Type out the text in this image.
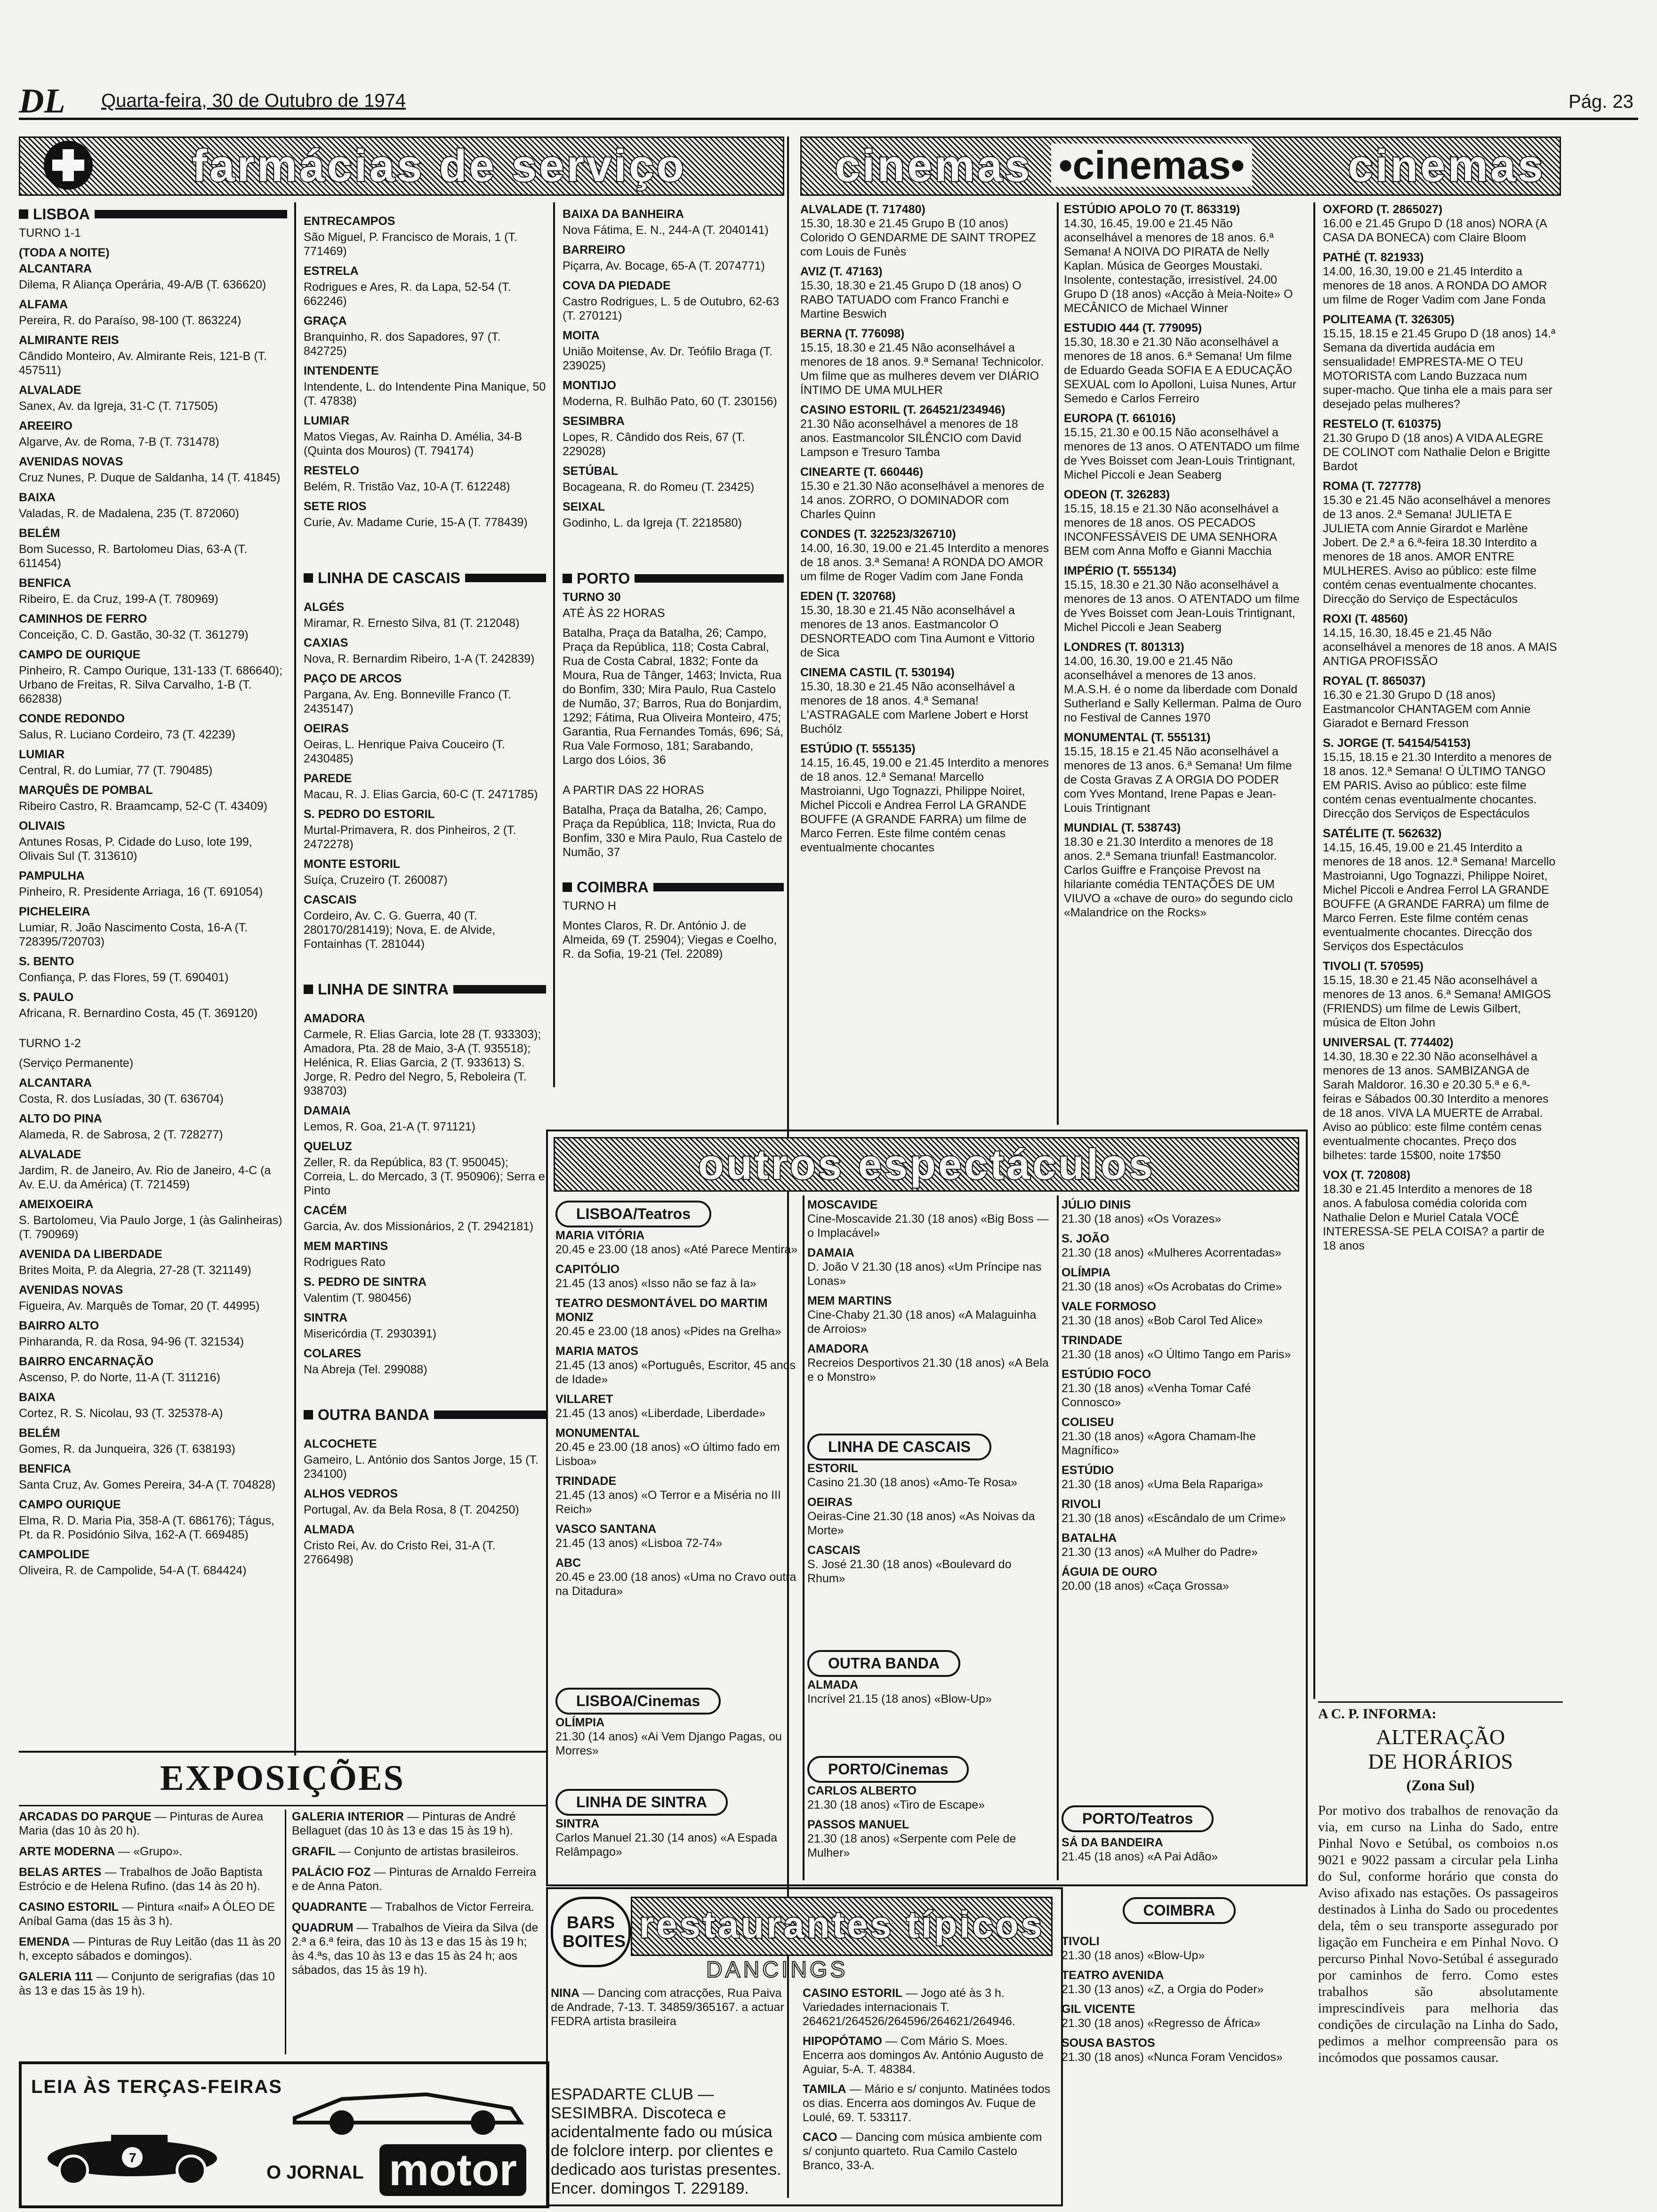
DL Quarta-feira, 30 de Outubro de 1974	Pág. 23
farmácias de serviço
LISBOA

TURNO 1-1

(TODA A NOITE)

ALCANTARA

Dilema, R Aliança Operária, 49-A/B (T. 636620)

ALFAMA

Pereira, R. do Paraíso, 98-100 (T. 863224)

ALMIRANTE REIS

Cândido Monteiro, Av. Almirante Reis, 121-B (T. 457511)

ALVALADE

Sanex, Av. da Igreja, 31-C (T. 717505)

AREEIRO

Algarve, Av. de Roma, 7-B (T. 731478)

AVENIDAS NOVAS

Cruz Nunes, P. Duque de Saldanha, 14 (T. 41845)

BAIXA

Valadas, R. de Madalena, 235 (T. 872060)

BELÉM

Bom Sucesso, R. Bartolomeu Dias, 63-A (T. 611454)

BENFICA

Ribeiro, E. da Cruz, 199-A (T. 780969)

CAMINHOS DE FERRO

Conceição, C. D. Gastão, 30-32 (T. 361279)

CAMPO DE OURIQUE

Pinheiro, R. Campo Ourique, 131-133 (T. 686640); Urbano de Freitas, R. Silva Carvalho, 1-B (T. 662838)

CONDE REDONDO

Salus, R. Luciano Cordeiro, 73 (T. 42239)

LUMIAR

Central, R. do Lumiar, 77 (T. 790485)

MARQUÊS DE POMBAL

Ribeiro Castro, R. Braamcamp, 52-C (T. 43409)

OLIVAIS

Antunes Rosas, P. Cidade do Luso, lote 199, Olivais Sul (T. 313610)

PAMPULHA

Pinheiro, R. Presidente Arriaga, 16 (T. 691054)

PICHELEIRA

Lumiar, R. João Nascimento Costa, 16-A (T. 728395/720703)

S. BENTO

Confiança, P. das Flores, 59 (T. 690401)

S. PAULO

Africana, R. Bernardino Costa, 45 (T. 369120)

TURNO 1-2

(Serviço Permanente)

ALCANTARA

Costa, R. dos Lusíadas, 30 (T. 636704)

ALTO DO PINA

Alameda, R. de Sabrosa, 2 (T. 728277)

ALVALADE

Jardim, R. de Janeiro, Av. Rio de Janeiro, 4-C (a Av. E.U. da América) (T. 721459)

AMEIXOEIRA

S. Bartolomeu, Via Paulo Jorge, 1 (às Galinheiras) (T. 790969)

AVENIDA DA LIBERDADE

Brites Moita, P. da Alegria, 27-28 (T. 321149)

AVENIDAS NOVAS

Figueira, Av. Marquês de Tomar, 20 (T. 44995)

BAIRRO ALTO

Pinharanda, R. da Rosa, 94-96 (T. 321534)

BAIRRO ENCARNAÇÃO

Ascenso, P. do Norte, 11-A (T. 311216)

BAIXA

Cortez, R. S. Nicolau, 93 (T. 325378-A)

BELÉM

Gomes, R. da Junqueira, 326 (T. 638193)

BENFICA

Santa Cruz, Av. Gomes Pereira, 34-A (T. 704828)

CAMPO OURIQUE

Elma, R. D. Maria Pia, 358-A (T. 686176); Tágus, Pt. da R. Posidónio Silva, 162-A (T. 669485)

CAMPOLIDE

Oliveira, R. de Campolide, 54-A (T. 684424)

ENTRECAMPOS

São Miguel, P. Francisco de Morais, 1 (T. 771469)

ESTRELA

Rodrigues e Ares, R. da Lapa, 52-54 (T. 662246)

GRAÇA

Branquinho, R. dos Sapadores, 97 (T. 842725)

INTENDENTE

Intendente, L. do Intendente Pina Manique, 50 (T. 47838)

LUMIAR

Matos Viegas, Av. Rainha D. Amélia, 34-B (Quinta dos Mouros) (T. 794174)

RESTELO

Belém, R. Tristão Vaz, 10-A (T. 612248)

SETE RIOS

Curie, Av. Madame Curie, 15-A (T. 778439)

LINHA DE CASCAIS

ALGÉS

Miramar, R. Ernesto Silva, 81 (T. 212048)

CAXIAS

Nova, R. Bernardim Ribeiro, 1-A (T. 242839)

PAÇO DE ARCOS

Pargana, Av. Eng. Bonneville Franco (T. 2435147)

OEIRAS

Oeiras, L. Henrique Paiva Couceiro (T. 2430485)

PAREDE

Macau, R. J. Elias Garcia, 60-C (T. 2471785)

S. PEDRO DO ESTORIL

Murtal-Primavera, R. dos Pinheiros, 2 (T. 2472278)

MONTE ESTORIL

Suíça, Cruzeiro (T. 260087)

CASCAIS

Cordeiro, Av. C. G. Guerra, 40 (T. 280170/281419); Nova, E. de Alvide, Fontainhas (T. 281044)

LINHA DE SINTRA

AMADORA

Carmele, R. Elias Garcia, lote 28 (T. 933303); Amadora, Pta. 28 de Maio, 3-A (T. 935518); Helénica, R. Elias Garcia, 2 (T. 933613) S. Jorge, R. Pedro del Negro, 5, Reboleira (T. 938703)

DAMAIA

Lemos, R. Goa, 21-A (T. 971121)

QUELUZ

Zeller, R. da República, 83 (T. 950045); Correia, L. do Mercado, 3 (T. 950906); Serra e Pinto

CACÉM

Garcia, Av. dos Missionários, 2 (T. 2942181)

MEM MARTINS

Rodrigues Rato

S. PEDRO DE SINTRA

Valentim (T. 980456)

SINTRA

Misericórdia (T. 2930391)

COLARES

Na Abreja (Tel. 299088)

OUTRA BANDA

ALCOCHETE

Gameiro, L. António dos Santos Jorge, 15 (T. 234100)

ALHOS VEDROS

Portugal, Av. da Bela Rosa, 8 (T. 204250)

ALMADA

Cristo Rei, Av. do Cristo Rei, 31-A (T. 2766498)

BAIXA DA BANHEIRA

Nova Fátima, E. N., 244-A (T. 2040141)

BARREIRO

Piçarra, Av. Bocage, 65-A (T. 2074771)

COVA DA PIEDADE

Castro Rodrigues, L. 5 de Outubro, 62-63 (T. 270121)

MOITA

União Moitense, Av. Dr. Teófilo Braga (T. 239025)

MONTIJO

Moderna, R. Bulhão Pato, 60 (T. 230156)

SESIMBRA

Lopes, R. Cândido dos Reis, 67 (T. 229028)

SETÚBAL

Bocageana, R. do Romeu (T. 23425)

SEIXAL

Godinho, L. da Igreja (T. 2218580)

PORTO

TURNO 30

ATÉ ÀS 22 HORAS

Batalha, Praça da Batalha, 26; Campo, Praça da República, 118; Costa Cabral, Rua de Costa Cabral, 1832; Fonte da Moura, Rua de Tânger, 1463; Invicta, Rua do Bonfim, 330; Mira Paulo, Rua Castelo de Numão, 37; Barros, Rua do Bonjardim, 1292; Fátima, Rua Oliveira Monteiro, 475; Garantia, Rua Fernandes Tomás, 696; Sá, Rua Vale Formoso, 181; Sarabando, Largo dos Lóios, 36

A PARTIR DAS 22 HORAS

Batalha, Praça da Batalha, 26; Campo, Praça da República, 118; Invicta, Rua do Bonfim, 330 e Mira Paulo, Rua Castelo de Numão, 37

COIMBRA

TURNO H

Montes Claros, R. Dr. António J. de Almeida, 69 (T. 25904); Viegas e Coelho, R. da Sofia, 19-21 (Tel. 22089)

cinemas •cinemas• cinemas

ALVALADE (T. 717480)

15.30, 18.30 e 21.45 Grupo B (10 anos) Colorido O GENDARME DE SAINT TROPEZ com Louis de Funès

AVIZ (T. 47163)

15.30, 18.30 e 21.45 Grupo D (18 anos) O RABO TATUADO com Franco Franchi e Martine Beswich

BERNA (T. 776098)

15.15, 18.30 e 21.45 Não aconselhável a menores de 18 anos. 9.ª Semana! Technicolor. Um filme que as mulheres devem ver DIÁRIO ÍNTIMO DE UMA MULHER

CASINO ESTORIL (T. 264521/234946)

21.30 Não aconselhável a menores de 18 anos. Eastmancolor SILÊNCIO com David Lampson e Tresuro Tamba

CINEARTE (T. 660446)

15.30 e 21.30 Não aconselhável a menores de 14 anos. ZORRO, O DOMINADOR com Charles Quinn

CONDES (T. 322523/326710)

14.00, 16.30, 19.00 e 21.45 Interdito a menores de 18 anos. 3.ª Semana! A RONDA DO AMOR um filme de Roger Vadim com Jane Fonda

EDEN (T. 320768)

15.30, 18.30 e 21.45 Não aconselhável a menores de 13 anos. Eastmancolor O DESNORTEADO com Tina Aumont e Vittorio de Sica

CINEMA CASTIL (T. 530194)

15.30, 18.30 e 21.45 Não aconselhável a menores de 18 anos. 4.ª Semana! L'ASTRAGALE com Marlene Jobert e Horst Buchólz

ESTÚDIO (T. 555135)

14.15, 16.45, 19.00 e 21.45 Interdito a menores de 18 anos. 12.ª Semana! Marcello Mastroianni, Ugo Tognazzi, Philippe Noiret, Michel Piccoli e Andrea Ferrol LA GRANDE BOUFFE (A GRANDE FARRA) um filme de Marco Ferren. Este filme contém cenas eventualmente chocantes

ESTÚDIO APOLO 70 (T. 863319)

14.30, 16.45, 19.00 e 21.45 Não aconselhável a menores de 18 anos. 6.ª Semana! A NOIVA DO PIRATA de Nelly Kaplan. Música de Georges Moustaki. Insolente, contestação, irresistível. 24.00 Grupo D (18 anos) «Acção à Meia-Noite» O MECÂNICO de Michael Winner

ESTUDIO 444 (T. 779095)

15.30, 18.30 e 21.30 Não aconselhável a menores de 18 anos. 6.ª Semana! Um filme de Eduardo Geada SOFIA E A EDUCAÇÃO SEXUAL com Io Apolloni, Luisa Nunes, Artur Semedo e Carlos Ferreiro

EUROPA (T. 661016)

15.15, 21.30 e 00.15 Não aconselhável a menores de 13 anos. O ATENTADO um filme de Yves Boisset com Jean-Louis Trintignant, Michel Piccoli e Jean Seaberg

ODEON (T. 326283)

15.15, 18.15 e 21.30 Não aconselhável a menores de 18 anos. OS PECADOS INCONFESSÁVEIS DE UMA SENHORA BEM com Anna Moffo e Gianni Macchia

IMPÉRIO (T. 555134)

15.15, 18.30 e 21.30 Não aconselhável a menores de 13 anos. O ATENTADO um filme de Yves Boisset com Jean-Louis Trintignant, Michel Piccoli e Jean Seaberg

LONDRES (T. 801313)

14.00, 16.30, 19.00 e 21.45 Não aconselhável a menores de 13 anos. M.A.S.H. é o nome da liberdade com Donald Sutherland e Sally Kellerman. Palma de Ouro no Festival de Cannes 1970

MONUMENTAL (T. 555131)

15.15, 18.15 e 21.45 Não aconselhável a menores de 13 anos. 6.ª Semana! Um filme de Costa Gravas Z A ORGIA DO PODER com Yves Montand, Irene Papas e Jean-Louis Trintignant

MUNDIAL (T. 538743)

18.30 e 21.30 Interdito a menores de 18 anos. 2.ª Semana triunfal! Eastmancolor. Carlos Guiffre e Françoise Prevost na hilariante comédia TENTAÇÕES DE UM VIUVO a «chave de ouro» do segundo ciclo «Malandrice on the Rocks»

OXFORD (T. 2865027)

16.00 e 21.45 Grupo D (18 anos) NORA (A CASA DA BONECA) com Claire Bloom

PATHÉ (T. 821933)

14.00, 16.30, 19.00 e 21.45 Interdito a menores de 18 anos. A RONDA DO AMOR um filme de Roger Vadim com Jane Fonda

POLITEAMA (T. 326305)

15.15, 18.15 e 21.45 Grupo D (18 anos) 14.ª Semana da divertida audácia em sensualidade! EMPRESTA-ME O TEU MOTORISTA com Lando Buzzaca num super-macho. Que tinha ele a mais para ser desejado pelas mulheres?

RESTELO (T. 610375)

21.30 Grupo D (18 anos) A VIDA ALEGRE DE COLINOT com Nathalie Delon e Brigitte Bardot

ROMA (T. 727778)

15.30 e 21.45 Não aconselhável a menores de 13 anos. 2.ª Semana! JULIETA E JULIETA com Annie Girardot e Marlène Jobert. De 2.ª a 6.ª-feira 18.30 Interdito a menores de 18 anos. AMOR ENTRE MULHERES. Aviso ao público: este filme contém cenas eventualmente chocantes. Direcção do Serviço de Espectáculos

ROXI (T. 48560)

14.15, 16.30, 18.45 e 21.45 Não aconselhável a menores de 18 anos. A MAIS ANTIGA PROFISSÃO

ROYAL (T. 865037)

16.30 e 21.30 Grupo D (18 anos) Eastmancolor CHANTAGEM com Annie Giaradot e Bernard Fresson

S. JORGE (T. 54154/54153)

15.15, 18.15 e 21.30 Interdito a menores de 18 anos. 12.ª Semana! O ÚLTIMO TANGO EM PARIS. Aviso ao público: este filme contém cenas eventualmente chocantes. Direcção dos Serviços de Espectáculos

SATÉLITE (T. 562632)

14.15, 16.45, 19.00 e 21.45 Interdito a menores de 18 anos. 12.ª Semana! Marcello Mastroianni, Ugo Tognazzi, Philippe Noiret, Michel Piccoli e Andrea Ferrol LA GRANDE BOUFFE (A GRANDE FARRA) um filme de Marco Ferren. Este filme contém cenas eventualmente chocantes. Direcção dos Serviços dos Espectáculos

TIVOLI (T. 570595)

15.15, 18.30 e 21.45 Não aconselhável a menores de 13 anos. 6.ª Semana! AMIGOS (FRIENDS) um filme de Lewis Gilbert, música de Elton John

UNIVERSAL (T. 774402)

14.30, 18.30 e 22.30 Não aconselhável a menores de 13 anos. SAMBIZANGA de Sarah Maldoror. 16.30 e 20.30 5.ª e 6.ª-feiras e Sábados 00.30 Interdito a menores de 18 anos. VIVA LA MUERTE de Arrabal. Aviso ao público: este filme contém cenas eventualmente chocantes. Preço dos bilhetes: tarde 15$00, noite 17$50

VOX (T. 720808)

18.30 e 21.45 Interdito a menores de 18 anos. A fabulosa comédia colorida com Nathalie Delon e Muriel Catala VOCÊ INTERESSA-SE PELA COISA? a partir de 18 anos

outros espectáculos
LISBOA/Teatros

MARIA VITÓRIA

20.45 e 23.00 (18 anos) «Até Parece Mentira»

CAPITÓLIO

21.45 (13 anos) «Isso não se faz à Ia»

TEATRO DESMONTÁVEL DO MARTIM MONIZ

20.45 e 23.00 (18 anos) «Pides na Grelha»

MARIA MATOS

21.45 (13 anos) «Português, Escritor, 45 anos de Idade»

VILLARET

21.45 (13 anos) «Liberdade, Liberdade»

MONUMENTAL

20.45 e 23.00 (18 anos) «O último fado em Lisboa»

TRINDADE

21.45 (13 anos) «O Terror e a Miséria no III Reich»

VASCO SANTANA

21.45 (13 anos) «Lisboa 72-74»

ABC

20.45 e 23.00 (18 anos) «Uma no Cravo outra na Ditadura»

LISBOA/Cinemas

OLÍMPIA

21.30 (14 anos) «Ai Vem Django Pagas, ou Morres»

LINHA DE SINTRA

SINTRA

Carlos Manuel 21.30 (14 anos) «A Espada Relâmpago»

MOSCAVIDE

Cine-Moscavide 21.30 (18 anos) «Big Boss — o Implacável»

DAMAIA

D. João V 21.30 (18 anos) «Um Príncipe nas Lonas»

MEM MARTINS

Cine-Chaby 21.30 (18 anos) «A Malaguinha de Arroios»

AMADORA

Recreios Desportivos 21.30 (18 anos) «A Bela e o Monstro»

LINHA DE CASCAIS

ESTORIL

Casino 21.30 (18 anos) «Amo-Te Rosa»

OEIRAS

Oeiras-Cine 21.30 (18 anos) «As Noivas da Morte»

CASCAIS

S. José 21.30 (18 anos) «Boulevard do Rhum»

OUTRA BANDA

ALMADA

Incrível 21.15 (18 anos) «Blow-Up»

PORTO/Cinemas

CARLOS ALBERTO

21.30 (18 anos) «Tiro de Escape»

PASSOS MANUEL

21.30 (18 anos) «Serpente com Pele de Mulher»

JÚLIO DINIS

21.30 (18 anos) «Os Vorazes»

S. JOÃO

21.30 (18 anos) «Mulheres Acorrentadas»

OLÍMPIA

21.30 (18 anos) «Os Acrobatas do Crime»

VALE FORMOSO

21.30 (18 anos) «Bob Carol Ted Alice»

TRINDADE

21.30 (18 anos) «O Último Tango em Paris»

ESTÚDIO FOCO

21.30 (18 anos) «Venha Tomar Café Connosco»

COLISEU

21.30 (18 anos) «Agora Chamam-lhe Magnífico»

ESTÚDIO

21.30 (18 anos) «Uma Bela Rapariga»

RIVOLI

21.30 (18 anos) «Escândalo de um Crime»

BATALHA

21.30 (13 anos) «A Mulher do Padre»

ÁGUIA DE OURO

20.00 (18 anos) «Caça Grossa»

PORTO/Teatros

SÁ DA BANDEIRA

21.45 (18 anos) «A Pai Adão»

COIMBRA

TIVOLI

21.30 (18 anos) «Blow-Up»

TEATRO AVENIDA

21.30 (13 anos) «Z, a Orgia do Poder»

GIL VICENTE

21.30 (18 anos) «Regresso de África»

SOUSA BASTOS

21.30 (18 anos) «Nunca Foram Vencidos»

EXPOSIÇÕES

ARCADAS DO PARQUE — Pinturas de Aurea Maria (das 10 às 20 h).

ARTE MODERNA — «Grupo».

BELAS ARTES — Trabalhos de João Baptista Estrócio e de Helena Rufino. (das 14 às 20 h).

CASINO ESTORIL — Pintura «naif» A ÓLEO DE Aníbal Gama (das 15 às 3 h).

EMENDA — Pinturas de Ruy Leitão (das 11 às 20 h, excepto sábados e domingos).

GALERIA 111 — Conjunto de serigrafias (das 10 às 13 e das 15 às 19 h).

GALERIA INTERIOR — Pinturas de André Bellaguet (das 10 às 13 e das 15 às 19 h).

GRAFIL — Conjunto de artistas brasileiros.

PALÁCIO FOZ — Pinturas de Arnaldo Ferreira e de Anna Paton.

QUADRANTE — Trabalhos de Victor Ferreira.

QUADRUM — Trabalhos de Vieira da Silva (de 2.ª a 6.ª feira, das 10 às 13 e das 15 às 19 h; às 4.ªs, das 10 às 13 e das 15 às 24 h; aos sábados, das 15 às 19 h).

LEIA ÀS TERÇAS-FEIRAS
7
O JORNAL motor
restaurantes típicos
BARS BOITES
DANCINGS

NINA — Dancing com atracções, Rua Paiva de Andrade, 7-13. T. 34859/365167. a actuar FEDRA artista brasileira

ESPADARTE CLUB — SESIMBRA. Discoteca e acidentalmente fado ou música de folclore interp. por clientes e dedicado aos turistas presentes. Encer. domingos T. 229189.

CASINO ESTORIL — Jogo até às 3 h. Variedades internacionais T. 264621/264526/264596/264621/264946.

HIPOPÓTAMO — Com Mário S. Moes. Encerra aos domingos Av. António Augusto de Aguiar, 5-A. T. 48384.

TAMILA — Mário e s/ conjunto. Matinées todos os dias. Encerra aos domingos Av. Fuque de Loulé, 69. T. 533117.

CACO — Dancing com música ambiente com s/ conjunto quarteto. Rua Camilo Castelo Branco, 33-A.

A C. P. INFORMA:
ALTERAÇÃO
DE HORÁRIOS
(Zona Sul)
Por motivo dos trabalhos de renovação da via, em curso na Linha do Sado, entre Pinhal Novo e Setúbal, os comboios n.os 9021 e 9022 passam a circular pela Linha do Sul, conforme horário que consta do Aviso afixado nas estações. Os passageiros destinados à Linha do Sado ou procedentes dela, têm o seu transporte assegurado por ligação em Funcheira e em Pinhal Novo. O percurso Pinhal Novo-Setúbal é assegurado por caminhos de ferro. Como estes trabalhos são absolutamente imprescindíveis para melhoria das condições de circulação na Linha do Sado, pedimos a melhor compreensão para os incómodos que possamos causar.
